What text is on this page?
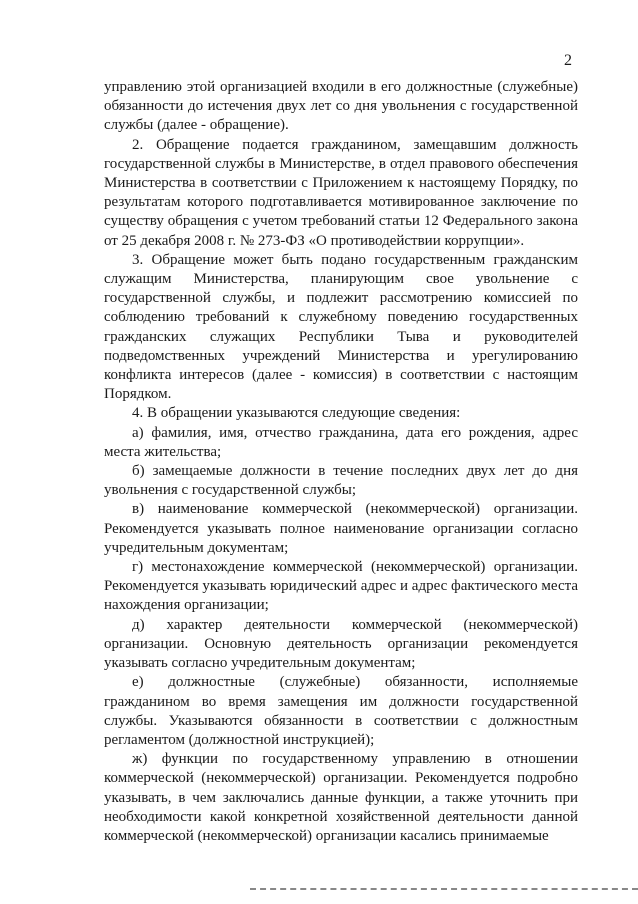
2

управлению этой организацией входили в его должностные (служебные) обязанности до истечения двух лет со дня увольнения с государственной службы (далее - обращение).

2. Обращение подается гражданином, замещавшим должность государственной службы в Министерстве, в отдел правового обеспечения Министерства в соответствии с Приложением к настоящему Порядку, по результатам которого подготавливается мотивированное заключение по существу обращения с учетом требований статьи 12 Федерального закона от 25 декабря 2008 г. № 273-ФЗ «О противодействии коррупции».

3. Обращение может быть подано государственным гражданским служащим Министерства, планирующим свое увольнение с государственной службы, и подлежит рассмотрению комиссией по соблюдению требований к служебному поведению государственных гражданских служащих Республики Тыва и руководителей подведомственных учреждений Министерства и урегулированию конфликта интересов (далее - комиссия) в соответствии с настоящим Порядком.

4. В обращении указываются следующие сведения:

а) фамилия, имя, отчество гражданина, дата его рождения, адрес места жительства;

б) замещаемые должности в течение последних двух лет до дня увольнения с государственной службы;

в) наименование коммерческой (некоммерческой) организации. Рекомендуется указывать полное наименование организации согласно учредительным документам;

г) местонахождение коммерческой (некоммерческой) организации. Рекомендуется указывать юридический адрес и адрес фактического места нахождения организации;

д) характер деятельности коммерческой (некоммерческой) организации. Основную деятельность организации рекомендуется указывать согласно учредительным документам;

е) должностные (служебные) обязанности, исполняемые гражданином во время замещения им должности государственной службы. Указываются обязанности в соответствии с должностным регламентом (должностной инструкцией);

ж) функции по государственному управлению в отношении коммерческой (некоммерческой) организации. Рекомендуется подробно указывать, в чем заключались данные функции, а также уточнить при необходимости какой конкретной хозяйственной деятельности данной коммерческой (некоммерческой) организации касались принимаемые
